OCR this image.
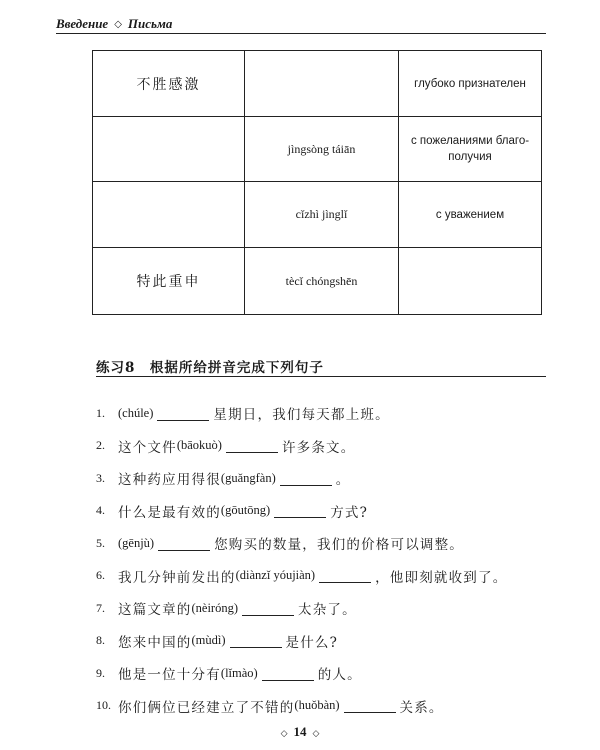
Введение ◇ Письма
不胜感激		глубоко признателен
	jìngsòng táiān	с пожеланиями благо-получия
	cǐzhì jìnglǐ	с уважением
特此重申	tècǐ chóngshēn	
练习8　根据所给拼音完成下列句子
1.	(chúle)	星期日，我们每天都上班。
2. 这个文件 (bāokuò)	许多条文。
3. 这种药应用得很 (guǎngfàn)	。
4. 什么是最有效的 (gōutōng)	方式?
5.	(gēnjù)	您购买的数量，我们的价格可以调整。
6. 我几分钟前发出的 (diànzǐ yóujiàn)	，他即刻就收到了。
7. 这篇文章的 (nèiróng)	太杂了。
8. 您来中国的 (mùdì)	是什么?
9. 他是一位十分有 (lǐmào)	的人。
10. 你们俩位已经建立了不错的 (huǒbàn)	关系。
◇ 14 ◇
